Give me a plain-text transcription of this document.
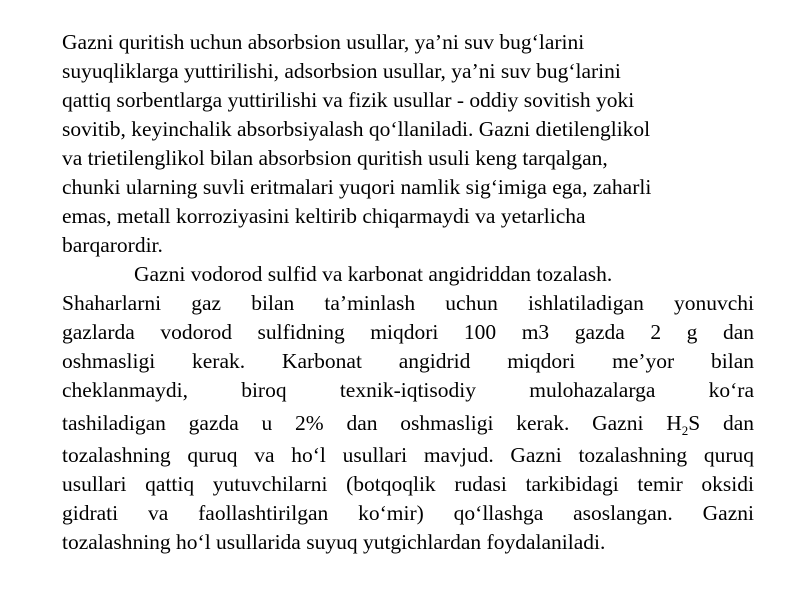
Gazni quritish uchun absorbsion usullar, ya’ni suv bug‘larini
suyuqliklarga yuttirilishi, adsorbsion usullar, ya’ni suv bug‘larini
qattiq sorbentlarga yuttirilishi va fizik usullar - oddiy sovitish yoki
sovitib, keyinchalik absorbsiyalash qo‘llaniladi. Gazni dietilenglikol
va trietilenglikol bilan absorbsion quritish usuli keng tarqalgan,
chunki ularning suvli eritmalari yuqori namlik sig‘imiga ega, zaharli
emas, metall korroziyasini keltirib chiqarmaydi va yetarlicha
barqarordir.
Gazni vodorod sulfid va karbonat angidriddan tozalash.
Shaharlarni gaz bilan ta’minlash uchun ishlatiladigan yonuvchi
gazlarda vodorod sulfidning miqdori 100 m3 gazda 2 g dan
oshmasligi kerak. Karbonat angidrid miqdori me’yor bilan
cheklanmaydi, biroq texnik-iqtisodiy mulohazalarga ko‘ra
tashiladigan gazda u 2% dan oshmasligi kerak. Gazni $H_2S$ dan
tozalashning quruq va ho‘l usullari mavjud. Gazni tozalashning quruq
usullari qattiq yutuvchilarni (botqoqlik rudasi tarkibidagi temir oksidi
gidrati va faollashtirilgan ko‘mir) qo‘llashga asoslangan. Gazni
tozalashning ho‘l usullarida suyuq yutgichlardan foydalaniladi.
